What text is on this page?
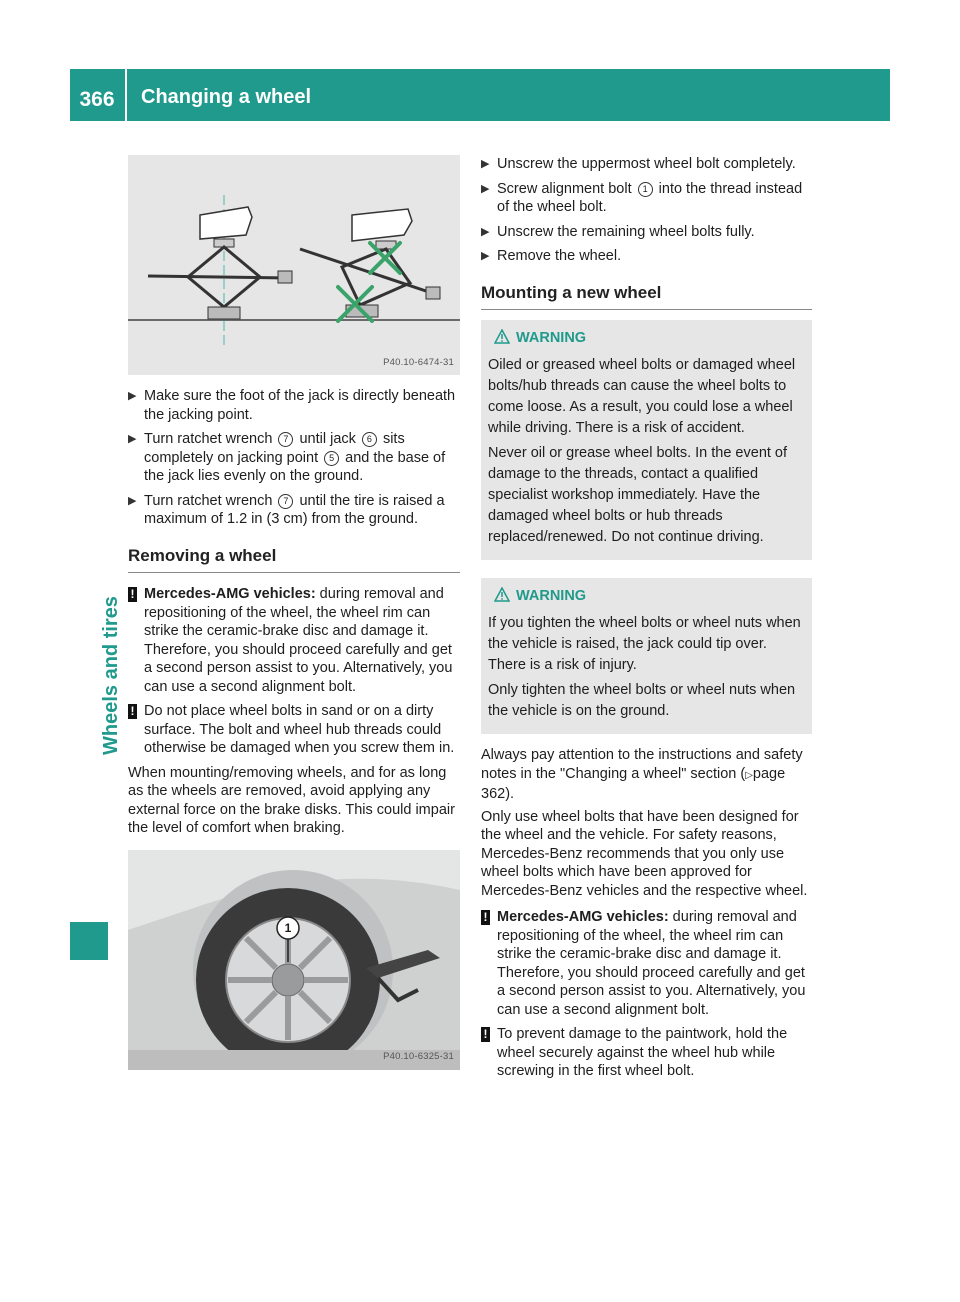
366	Changing a wheel
Wheels and tires
P40.10-6474-31
▶ Make sure the foot of the jack is directly beneath the jacking point.
▶ Turn ratchet wrench 7 until jack 6 sits completely on jacking point 5 and the base of the jack lies evenly on the ground.
▶ Turn ratchet wrench 7 until the tire is raised a maximum of 1.2 in (3 cm) from the ground.
Removing a wheel
! Mercedes-AMG vehicles: during removal and repositioning of the wheel, the wheel rim can strike the ceramic-brake disc and damage it. Therefore, you should proceed carefully and get a second person assist to you. Alternatively, you can use a second alignment bolt.
! Do not place wheel bolts in sand or on a dirty surface. The bolt and wheel hub threads could otherwise be damaged when you screw them in.

When mounting/removing wheels, and for as long as the wheels are removed, avoid applying any external force on the brake disks. This could impair the level of comfort when braking.

1
P40.10-6325-31
▶ Unscrew the uppermost wheel bolt completely.
▶ Screw alignment bolt 1 into the thread instead of the wheel bolt.
▶ Unscrew the remaining wheel bolts fully.
▶ Remove the wheel.
Mounting a new wheel
WARNING

Oiled or greased wheel bolts or damaged wheel bolts/hub threads can cause the wheel bolts to come loose. As a result, you could lose a wheel while driving. There is a risk of accident.

Never oil or grease wheel bolts. In the event of damage to the threads, contact a qualified specialist workshop immediately. Have the damaged wheel bolts or hub threads replaced/renewed. Do not continue driving.

WARNING

If you tighten the wheel bolts or wheel nuts when the vehicle is raised, the jack could tip over. There is a risk of injury.

Only tighten the wheel bolts or wheel nuts when the vehicle is on the ground.

Always pay attention to the instructions and safety notes in the "Changing a wheel" section (▷page 362).

Only use wheel bolts that have been designed for the wheel and the vehicle. For safety reasons, Mercedes-Benz recommends that you only use wheel bolts which have been approved for Mercedes-Benz vehicles and the respective wheel.

! Mercedes-AMG vehicles: during removal and repositioning of the wheel, the wheel rim can strike the ceramic-brake disc and damage it. Therefore, you should proceed carefully and get a second person assist to you. Alternatively, you can use a second alignment bolt.
! To prevent damage to the paintwork, hold the wheel securely against the wheel hub while screwing in the first wheel bolt.
